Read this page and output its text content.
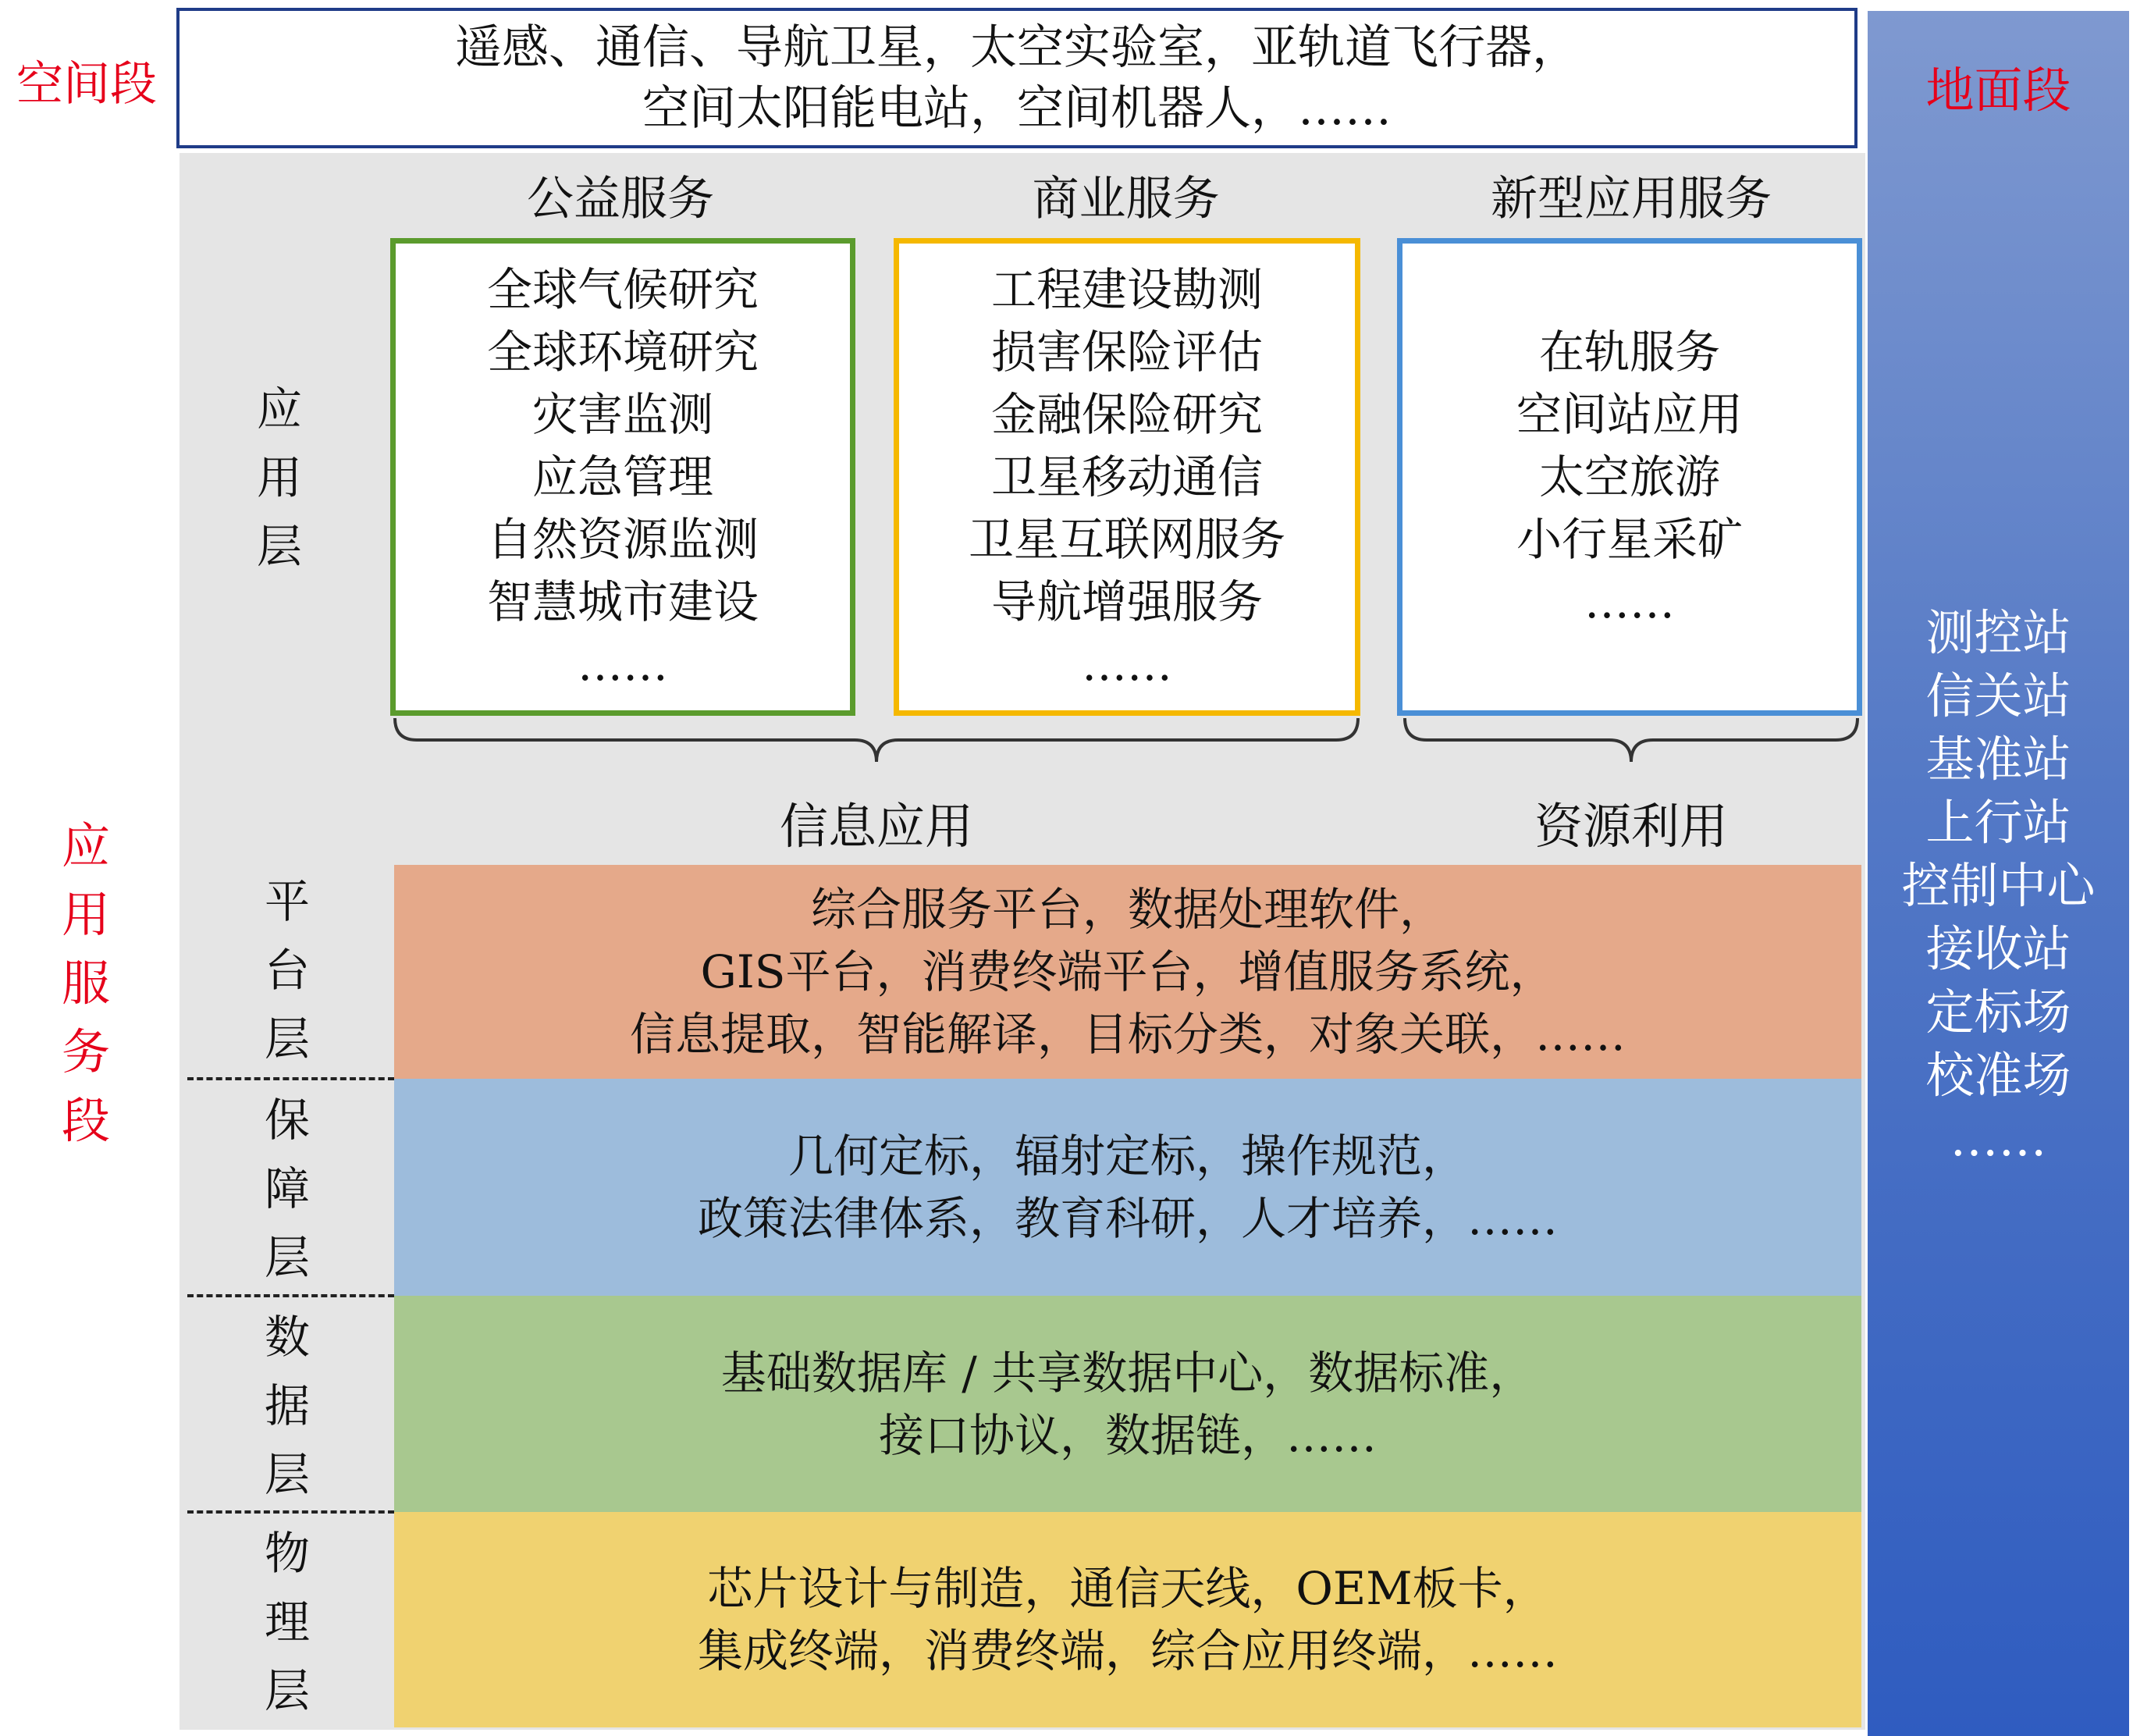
空间段
遥感、通信、导航卫星，太空实验室，亚轨道飞行器，
空间太阳能电站，空间机器人，……
应
用
服
务
段
地面段
测控站
信关站
基准站
上行站
控制中心
接收站
定标场
校准场
……
应
用
层
公益服务	商业服务	新型应用服务
全球气候研究
全球环境研究
灾害监测
应急管理
自然资源监测
智慧城市建设
……
工程建设勘测
损害保险评估
金融保险研究
卫星移动通信
卫星互联网服务
导航增强服务
……
在轨服务
空间站应用
太空旅游
小行星采矿
……
信息应用	资源利用
综合服务平台，数据处理软件，
GIS平台，消费终端平台，增值服务系统，
信息提取，智能解译，目标分类，对象关联，……
几何定标，辐射定标，操作规范，
政策法律体系，教育科研，人才培养，……
基础数据库 / 共享数据中心，数据标准，
接口协议，数据链，……
芯片设计与制造，通信天线，OEM板卡，
集成终端，消费终端，综合应用终端，……
平
台
层
保
障
层
数
据
层
物
理
层
